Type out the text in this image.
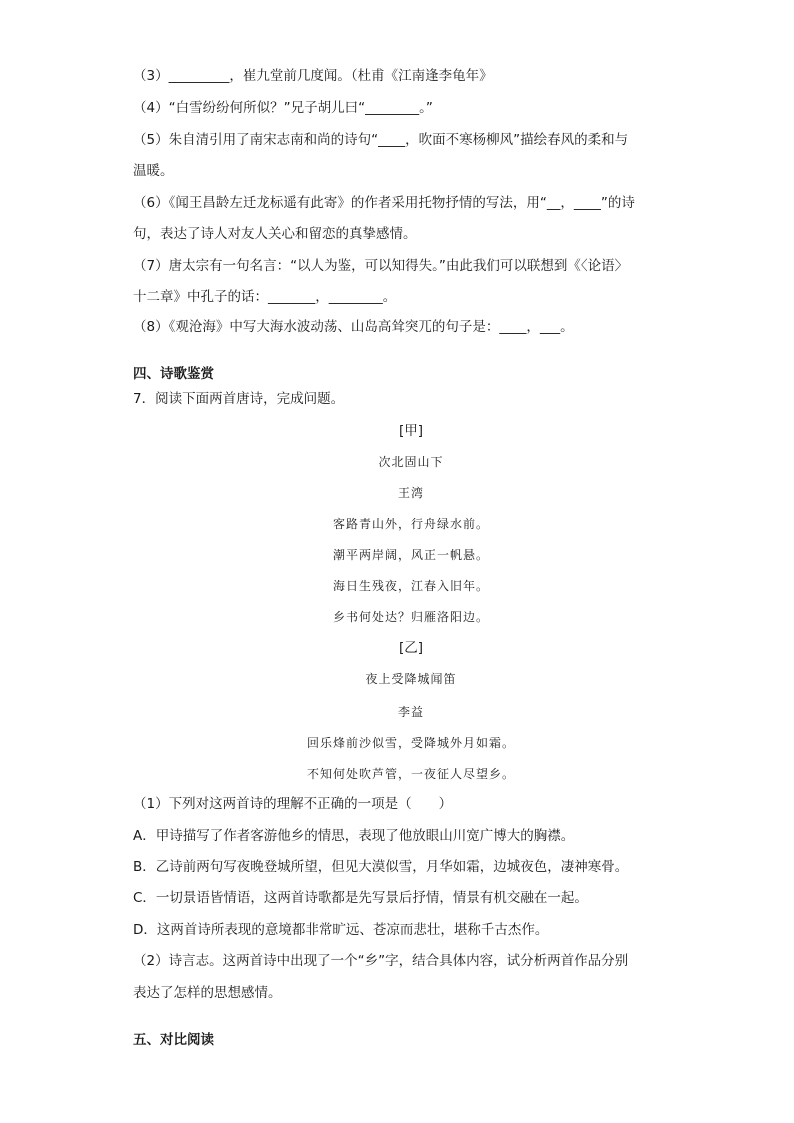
（3）_________，崔九堂前几度闻。（杜甫《江南逢李龟年》
（4）“白雪纷纷何所似？”兄子胡儿曰“________。”
（5）朱自清引用了南宋志南和尚的诗句“____，吹面不寒杨柳风”描绘春风的柔和与
温暖。
（6）《闻王昌龄左迁龙标遥有此寄》的作者采用托物抒情的写法，用“__，____”的诗
句，表达了诗人对友人关心和留恋的真挚感情。
（7）唐太宗有一句名言：“以人为鉴，可以知得失。”由此我们可以联想到《〈论语〉
十二章》中孔子的话：_______，________。
（8）《观沧海》中写大海水波动荡、山岛高耸突兀的句子是：____，___。
四、诗歌鉴赏
7．阅读下面两首唐诗，完成问题。
[甲]
次北固山下
王湾
客路青山外，行舟绿水前。
潮平两岸阔，风正一帆悬。
海日生残夜，江春入旧年。
乡书何处达？归雁洛阳边。
[乙]
夜上受降城闻笛
李益
回乐烽前沙似雪，受降城外月如霜。
不知何处吹芦管，一夜征人尽望乡。
（1）下列对这两首诗的理解不正确的一项是（　　）
A．甲诗描写了作者客游他乡的情思，表现了他放眼山川宽广博大的胸襟。
B．乙诗前两句写夜晚登城所望，但见大漠似雪，月华如霜，边城夜色，凄神寒骨。
C．一切景语皆情语，这两首诗歌都是先写景后抒情，情景有机交融在一起。
D．这两首诗所表现的意境都非常旷远、苍凉而悲壮，堪称千古杰作。
（2）诗言志。这两首诗中出现了一个“乡”字，结合具体内容，试分析两首作品分别
表达了怎样的思想感情。
五、对比阅读
